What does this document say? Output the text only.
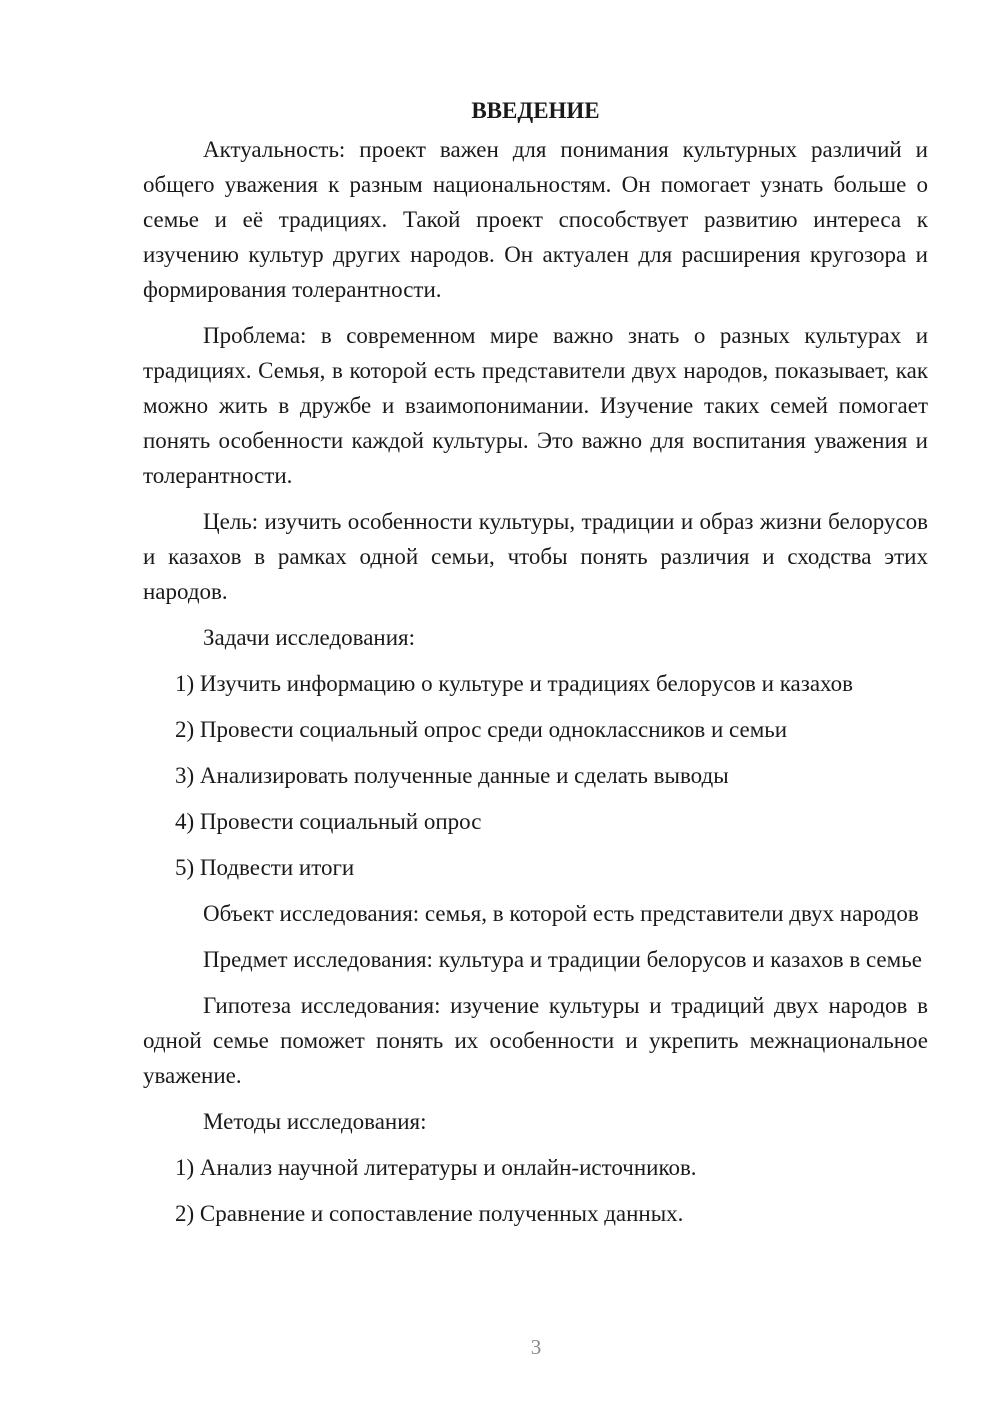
ВВЕДЕНИЕ

Актуальность: проект важен для понимания культурных различий и общего уважения к разным национальностям. Он помогает узнать больше о семье и её традициях. Такой проект способствует развитию интереса к изучению культур других народов. Он актуален для расширения кругозора и формирования толерантности.

Проблема: в современном мире важно знать о разных культурах и традициях. Семья, в которой есть представители двух народов, показывает, как можно жить в дружбе и взаимопонимании. Изучение таких семей помогает понять особенности каждой культуры. Это важно для воспитания уважения и толерантности.

Цель: изучить особенности культуры, традиции и образ жизни белорусов и казахов в рамках одной семьи, чтобы понять различия и сходства этих народов.

Задачи исследования:

1) Изучить информацию о культуре и традициях белорусов и казахов

2) Провести социальный опрос среди одноклассников и семьи

3) Анализировать полученные данные и сделать выводы

4) Провести социальный опрос

5) Подвести итоги

Объект исследования: семья, в которой есть представители двух народов

Предмет исследования: культура и традиции белорусов и казахов в семье

Гипотеза исследования: изучение культуры и традиций двух народов в одной семье поможет понять их особенности и укрепить межнациональное уважение.

Методы исследования:

1) Анализ научной литературы и онлайн-источников.

2) Сравнение и сопоставление полученных данных.

3
